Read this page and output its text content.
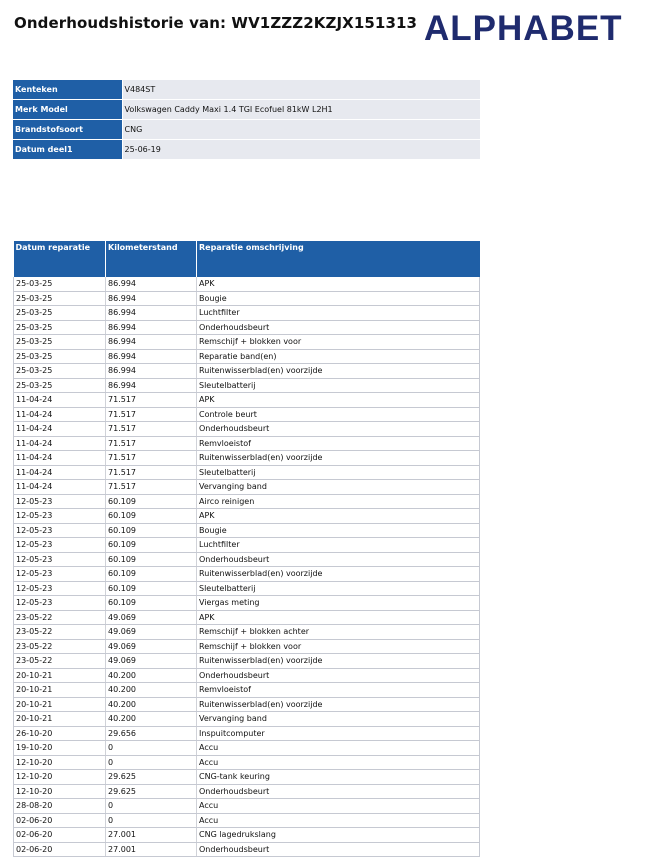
Onderhoudshistorie van: WV1ZZZ2KZJX151313 ALPHABET
Kenteken	V484ST
Merk Model	Volkswagen Caddy Maxi 1.4 TGI Ecofuel 81kW L2H1
Brandstofsoort	CNG
Datum deel1	25-06-19
Datum reparatie	Kilometerstand	Reparatie omschrijving
25-03-25	86.994	APK
25-03-25	86.994	Bougie
25-03-25	86.994	Luchtfilter
25-03-25	86.994	Onderhoudsbeurt
25-03-25	86.994	Remschijf + blokken voor
25-03-25	86.994	Reparatie band(en)
25-03-25	86.994	Ruitenwisserblad(en) voorzijde
25-03-25	86.994	Sleutelbatterij
11-04-24	71.517	APK
11-04-24	71.517	Controle beurt
11-04-24	71.517	Onderhoudsbeurt
11-04-24	71.517	Remvloeistof
11-04-24	71.517	Ruitenwisserblad(en) voorzijde
11-04-24	71.517	Sleutelbatterij
11-04-24	71.517	Vervanging band
12-05-23	60.109	Airco reinigen
12-05-23	60.109	APK
12-05-23	60.109	Bougie
12-05-23	60.109	Luchtfilter
12-05-23	60.109	Onderhoudsbeurt
12-05-23	60.109	Ruitenwisserblad(en) voorzijde
12-05-23	60.109	Sleutelbatterij
12-05-23	60.109	Viergas meting
23-05-22	49.069	APK
23-05-22	49.069	Remschijf + blokken achter
23-05-22	49.069	Remschijf + blokken voor
23-05-22	49.069	Ruitenwisserblad(en) voorzijde
20-10-21	40.200	Onderhoudsbeurt
20-10-21	40.200	Remvloeistof
20-10-21	40.200	Ruitenwisserblad(en) voorzijde
20-10-21	40.200	Vervanging band
26-10-20	29.656	Inspuitcomputer
19-10-20	0	Accu
12-10-20	0	Accu
12-10-20	29.625	CNG-tank keuring
12-10-20	29.625	Onderhoudsbeurt
28-08-20	0	Accu
02-06-20	0	Accu
02-06-20	27.001	CNG lagedrukslang
02-06-20	27.001	Onderhoudsbeurt
